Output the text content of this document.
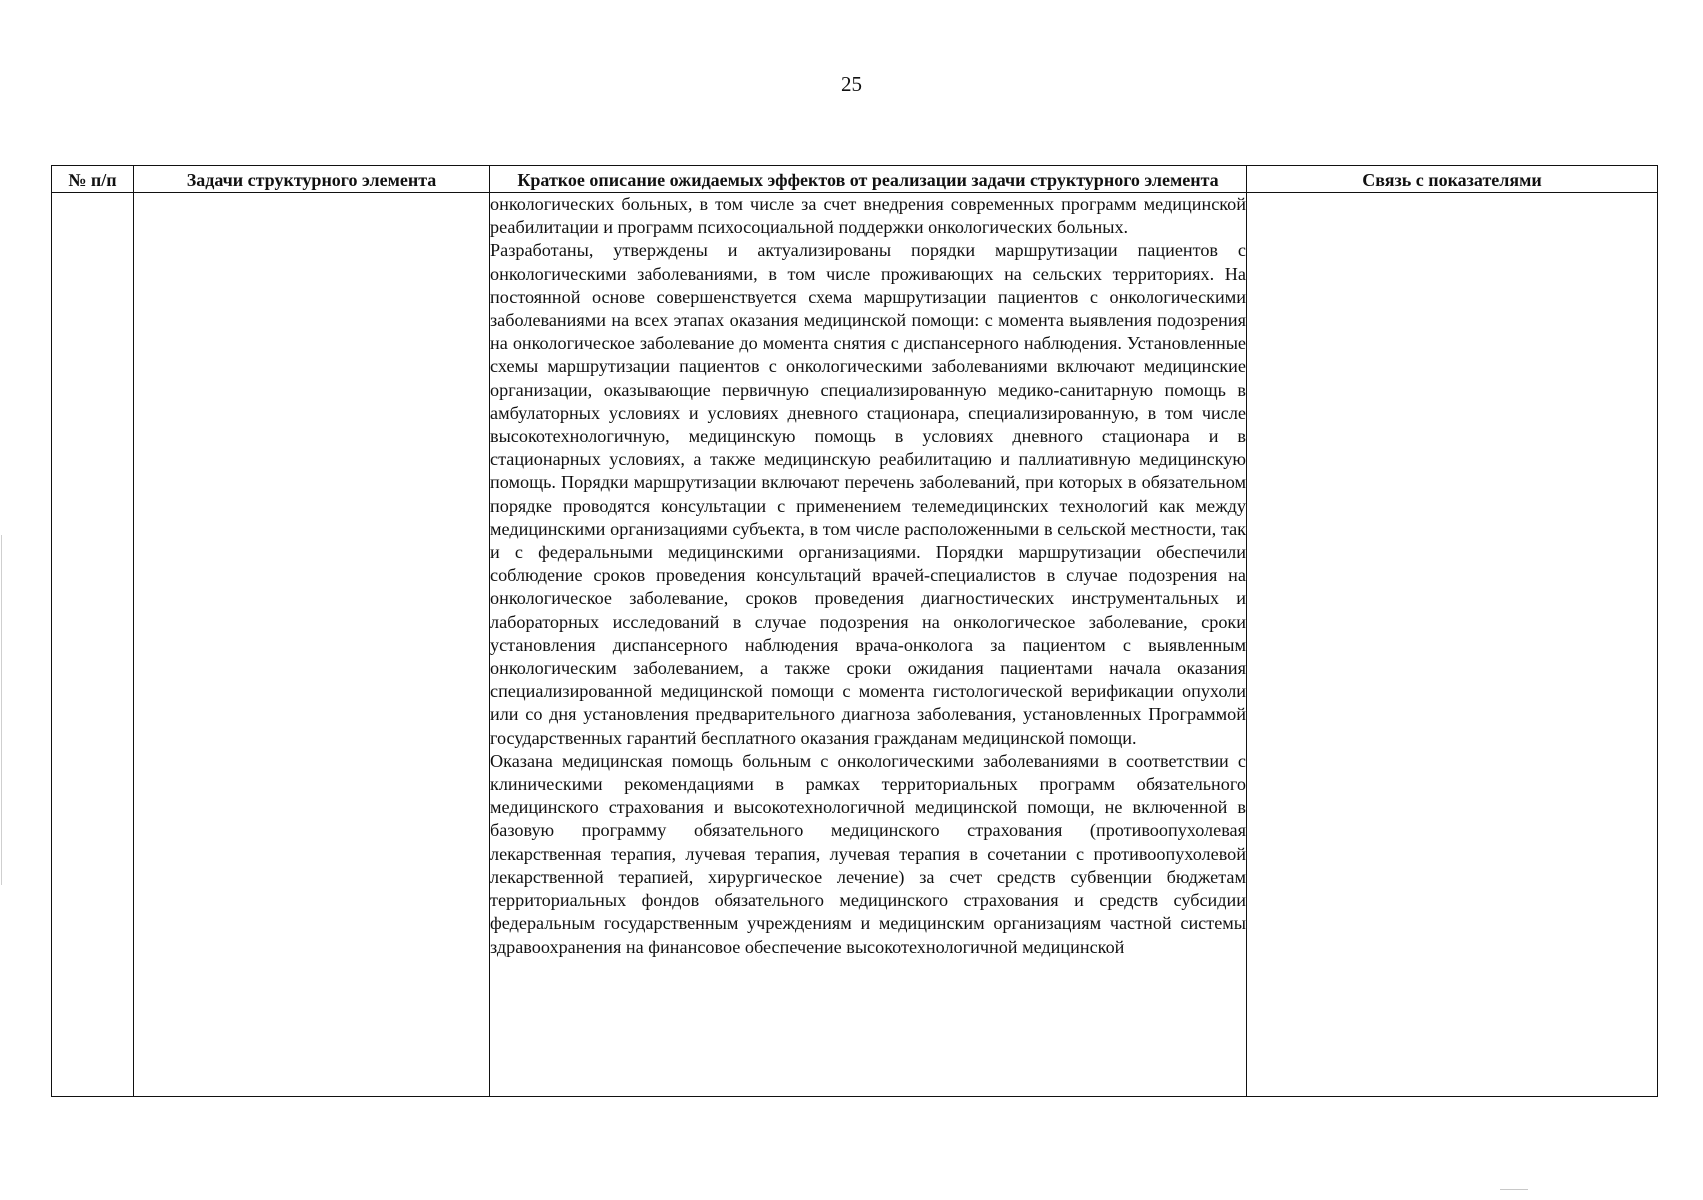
25
№ п/п	Задачи структурного элемента	Краткое описание ожидаемых эффектов от реализации задачи структурного элемента	Связь с показателями

		онкологических больных, в том числе за счет внедрения современных программ медицинской реабилитации и программ психосоциальной поддержки онкологических больных.

Разработаны, утверждены и актуализированы порядки маршрутизации пациентов с онкологическими заболеваниями, в том числе проживающих на сельских территориях. На постоянной основе совершенствуется схема маршрутизации пациентов с онкологическими заболеваниями на всех этапах оказания медицинской помощи: с момента выявления подозрения на онкологическое заболевание до момента снятия с диспансерного наблюдения. Установленные схемы маршрутизации пациентов с онкологическими заболеваниями включают медицинские организации, оказывающие первичную специализированную медико-санитарную помощь в амбулаторных условиях и условиях дневного стационара, специализированную, в том числе высокотехнологичную, медицинскую помощь в условиях дневного стационара и в стационарных условиях, а также медицинскую реабилитацию и паллиативную медицинскую помощь. Порядки маршрутизации включают перечень заболеваний, при которых в обязательном порядке проводятся консультации с применением телемедицинских технологий как между медицинскими организациями субъекта, в том числе расположенными в сельской местности, так и с федеральными медицинскими организациями. Порядки маршрутизации обеспечили соблюдение сроков проведения консультаций врачей-специалистов в случае подозрения на онкологическое заболевание, сроков проведения диагностических инструментальных и лабораторных исследований в случае подозрения на онкологическое заболевание, сроки установления диспансерного наблюдения врача-онколога за пациентом с выявленным онкологическим заболеванием, а также сроки ожидания пациентами начала оказания специализированной медицинской помощи с момента гистологической верификации опухоли или со дня установления предварительного диагноза заболевания, установленных Программой государственных гарантий бесплатного оказания гражданам медицинской помощи.

Оказана медицинская помощь больным с онкологическими заболеваниями в соответствии с клиническими рекомендациями в рамках территориальных программ обязательного медицинского страхования и высокотехнологичной медицинской помощи, не включенной в базовую программу обязательного медицинского страхования (противоопухолевая лекарственная терапия, лучевая терапия, лучевая терапия в сочетании с противоопухолевой лекарственной терапией, хирургическое лечение) за счет средств субвенции бюджетам территориальных фондов обязательного медицинского страхования и средств субсидии федеральным государственным учреждениям и медицинским организациям частной системы здравоохранения на финансовое обеспечение высокотехнологичной медицинской	
